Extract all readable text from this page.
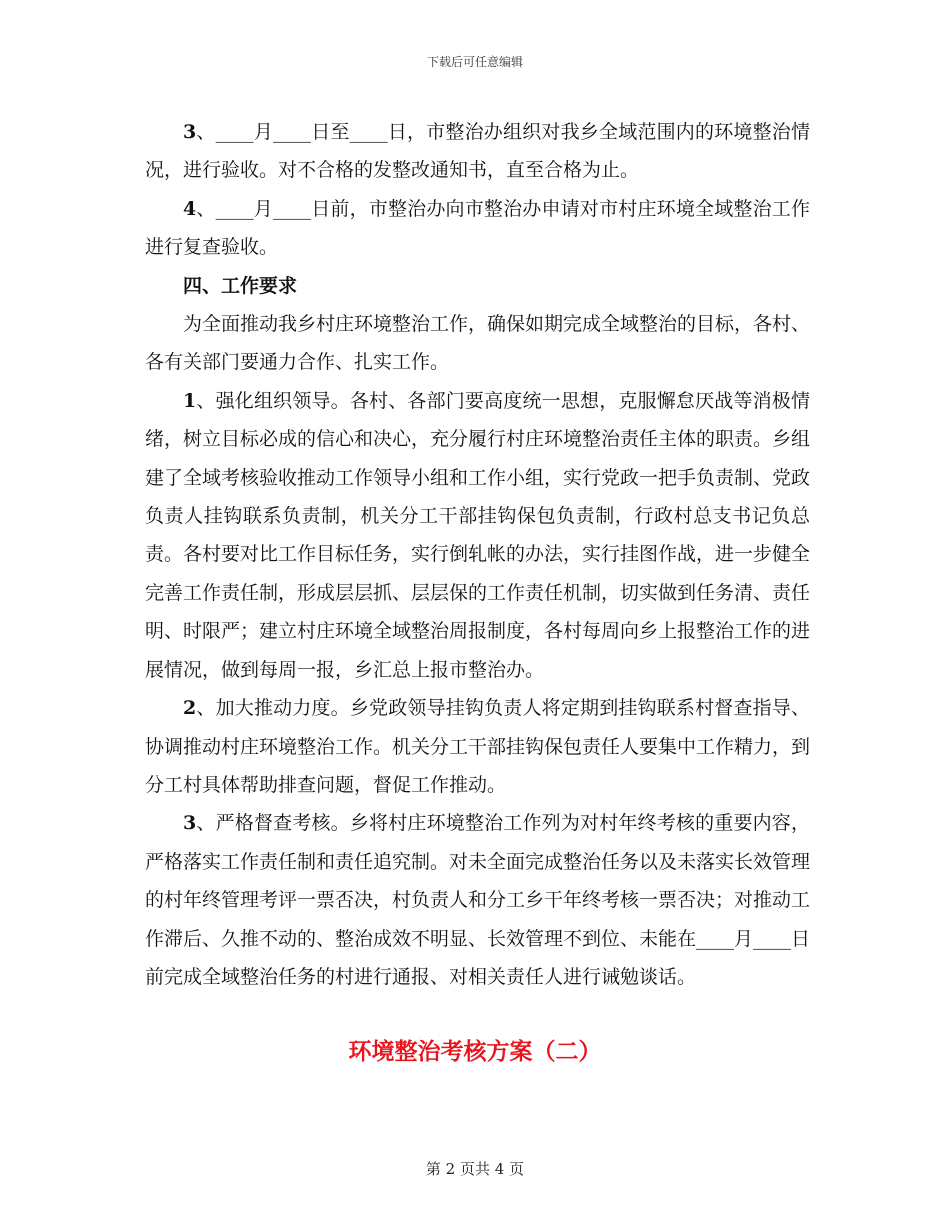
下载后可任意编辑

3、____月____日至____日，市整治办组织对我乡全域范围内的环境整治情况，进行验收。对不合格的发整改通知书，直至合格为止。

4、____月____日前，市整治办向市整治办申请对市村庄环境全域整治工作进行复查验收。

四、工作要求

为全面推动我乡村庄环境整治工作，确保如期完成全域整治的目标，各村、各有关部门要通力合作、扎实工作。

1、强化组织领导。各村、各部门要高度统一思想，克服懈怠厌战等消极情绪，树立目标必成的信心和决心，充分履行村庄环境整治责任主体的职责。乡组建了全域考核验收推动工作领导小组和工作小组，实行党政一把手负责制、党政负责人挂钩联系负责制，机关分工干部挂钩保包负责制，行政村总支书记负总责。各村要对比工作目标任务，实行倒轧帐的办法，实行挂图作战，进一步健全完善工作责任制，形成层层抓、层层保的工作责任机制，切实做到任务清、责任明、时限严；建立村庄环境全域整治周报制度，各村每周向乡上报整治工作的进展情况，做到每周一报，乡汇总上报市整治办。

2、加大推动力度。乡党政领导挂钩负责人将定期到挂钩联系村督查指导、协调推动村庄环境整治工作。机关分工干部挂钩保包责任人要集中工作精力，到分工村具体帮助排查问题，督促工作推动。

3、严格督查考核。乡将村庄环境整治工作列为对村年终考核的重要内容，严格落实工作责任制和责任追究制。对未全面完成整治任务以及未落实长效管理的村年终管理考评一票否决，村负责人和分工乡干年终考核一票否决；对推动工作滞后、久推不动的、整治成效不明显、长效管理不到位、未能在____月____日前完成全域整治任务的村进行通报、对相关责任人进行诫勉谈话。

环境整治考核方案（二）
第 2 页共 4 页
